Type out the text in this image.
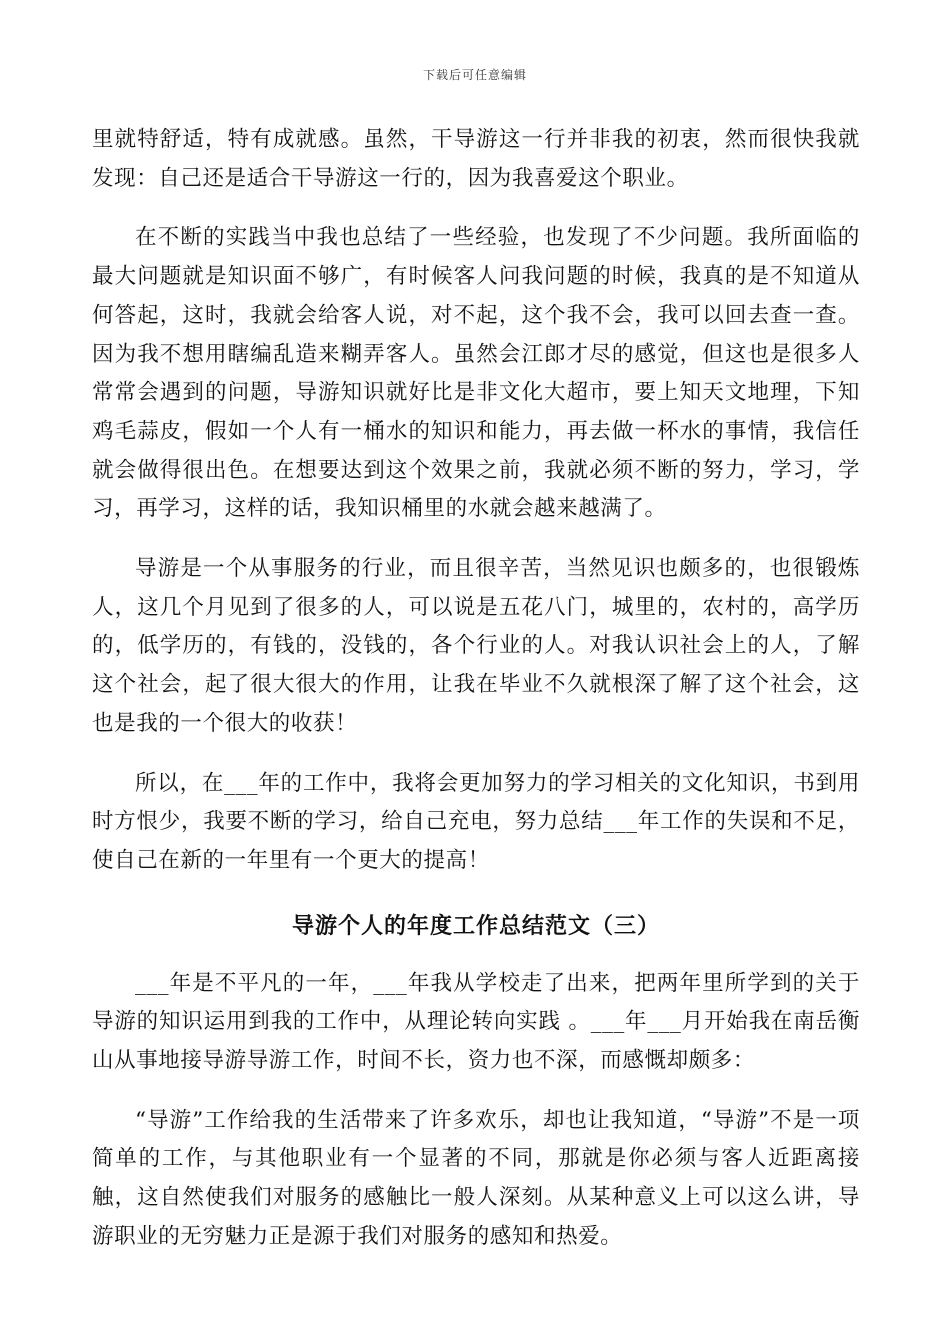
下载后可任意编辑

里就特舒适，特有成就感。虽然，干导游这一行并非我的初衷，然而很快我就发现：自己还是适合干导游这一行的，因为我喜爱这个职业。

在不断的实践当中我也总结了一些经验，也发现了不少问题。我所面临的最大问题就是知识面不够广，有时候客人问我问题的时候，我真的是不知道从何答起，这时，我就会给客人说，对不起，这个我不会，我可以回去查一查。因为我不想用瞎编乱造来糊弄客人。虽然会江郎才尽的感觉，但这也是很多人常常会遇到的问题，导游知识就好比是非文化大超市，要上知天文地理，下知鸡毛蒜皮，假如一个人有一桶水的知识和能力，再去做一杯水的事情，我信任就会做得很出色。在想要达到这个效果之前，我就必须不断的努力，学习，学习，再学习，这样的话，我知识桶里的水就会越来越满了。

导游是一个从事服务的行业，而且很辛苦，当然见识也颇多的，也很锻炼人，这几个月见到了很多的人，可以说是五花八门，城里的，农村的，高学历的，低学历的，有钱的，没钱的，各个行业的人。对我认识社会上的人，了解这个社会，起了很大很大的作用，让我在毕业不久就根深了解了这个社会，这也是我的一个很大的收获！

所以，在___年的工作中，我将会更加努力的学习相关的文化知识，书到用时方恨少，我要不断的学习，给自己充电，努力总结___年工作的失误和不足，使自己在新的一年里有一个更大的提高！

导游个人的年度工作总结范文（三）

___年是不平凡的一年，___年我从学校走了出来，把两年里所学到的关于导游的知识运用到我的工作中，从理论转向实践 。___年___月开始我在南岳衡山从事地接导游导游工作，时间不长，资力也不深，而感慨却颇多：

“导游”工作给我的生活带来了许多欢乐，却也让我知道，“导游”不是一项简单的工作，与其他职业有一个显著的不同，那就是你必须与客人近距离接触，这自然使我们对服务的感触比一般人深刻。从某种意义上可以这么讲，导游职业的无穷魅力正是源于我们对服务的感知和热爱。
